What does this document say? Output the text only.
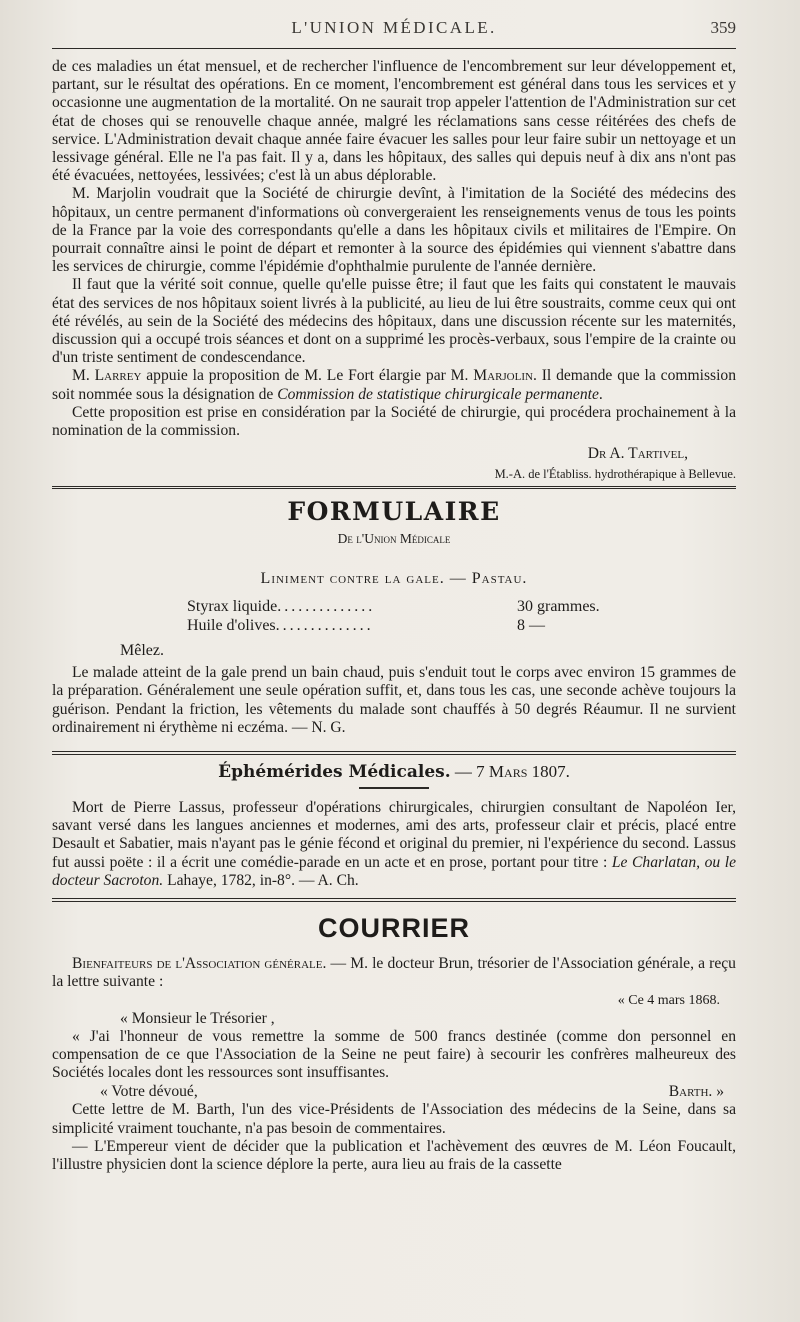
L'UNION MÉDICALE.	359

de ces maladies un état mensuel, et de rechercher l'influence de l'encombrement sur leur développement et, partant, sur le résultat des opérations. En ce moment, l'encombrement est général dans tous les services et y occasionne une augmentation de la mortalité. On ne saurait trop appeler l'attention de l'Administration sur cet état de choses qui se renouvelle chaque année, malgré les réclamations sans cesse réitérées des chefs de service. L'Administration devait chaque année faire évacuer les salles pour leur faire subir un nettoyage et un lessivage général. Elle ne l'a pas fait. Il y a, dans les hôpitaux, des salles qui depuis neuf à dix ans n'ont pas été évacuées, nettoyées, lessivées; c'est là un abus déplorable.

M. Marjolin voudrait que la Société de chirurgie devînt, à l'imitation de la Société des médecins des hôpitaux, un centre permanent d'informations où convergeraient les renseignements venus de tous les points de la France par la voie des correspondants qu'elle a dans les hôpitaux civils et militaires de l'Empire. On pourrait connaître ainsi le point de départ et remonter à la source des épidémies qui viennent s'abattre dans les services de chirurgie, comme l'épidémie d'ophthalmie purulente de l'année dernière.

Il faut que la vérité soit connue, quelle qu'elle puisse être; il faut que les faits qui constatent le mauvais état des services de nos hôpitaux soient livrés à la publicité, au lieu de lui être soustraits, comme ceux qui ont été révélés, au sein de la Société des médecins des hôpitaux, dans une discussion récente sur les maternités, discussion qui a occupé trois séances et dont on a supprimé les procès-verbaux, sous l'empire de la crainte ou d'un triste sentiment de condescendance.

M. Larrey appuie la proposition de M. Le Fort élargie par M. Marjolin. Il demande que la commission soit nommée sous la désignation de Commission de statistique chirurgicale permanente.

Cette proposition est prise en considération par la Société de chirurgie, qui procédera prochainement à la nomination de la commission.

Dr A. Tartivel,
M.-A. de l'Établiss. hydrothérapique à Bellevue.
FORMULAIRE
De l'Union Médicale
Liniment contre la gale. — Pastau.
Styrax liquide ..............	30 grammes.
Huile d'olives ..............	8 —
Mêlez.

Le malade atteint de la gale prend un bain chaud, puis s'enduit tout le corps avec environ 15 grammes de la préparation. Généralement une seule opération suffit, et, dans tous les cas, une seconde achève toujours la guérison. Pendant la friction, les vêtements du malade sont chauffés à 50 degrés Réaumur. Il ne survient ordinairement ni érythème ni eczéma. — N. G.

Éphémérides Médicales. — 7 Mars 1807.

Mort de Pierre Lassus, professeur d'opérations chirurgicales, chirurgien consultant de Napoléon Ier, savant versé dans les langues anciennes et modernes, ami des arts, professeur clair et précis, placé entre Desault et Sabatier, mais n'ayant pas le génie fécond et original du premier, ni l'expérience du second. Lassus fut aussi poëte : il a écrit une comédie-parade en un acte et en prose, portant pour titre : Le Charlatan, ou le docteur Sacroton. Lahaye, 1782, in-8°. — A. Ch.

COURRIER

Bienfaiteurs de l'Association générale. — M. le docteur Brun, trésorier de l'Association générale, a reçu la lettre suivante :

« Ce 4 mars 1868.
« Monsieur le Trésorier ,

« J'ai l'honneur de vous remettre la somme de 500 francs destinée (comme don personnel en compensation de ce que l'Association de la Seine ne peut faire) à secourir les confrères malheureux des Sociétés locales dont les ressources sont insuffisantes.

« Votre dévoué,	Barth. »

Cette lettre de M. Barth, l'un des vice-Présidents de l'Association des médecins de la Seine, dans sa simplicité vraiment touchante, n'a pas besoin de commentaires.

— L'Empereur vient de décider que la publication et l'achèvement des œuvres de M. Léon Foucault, l'illustre physicien dont la science déplore la perte, aura lieu au frais de la cassette
